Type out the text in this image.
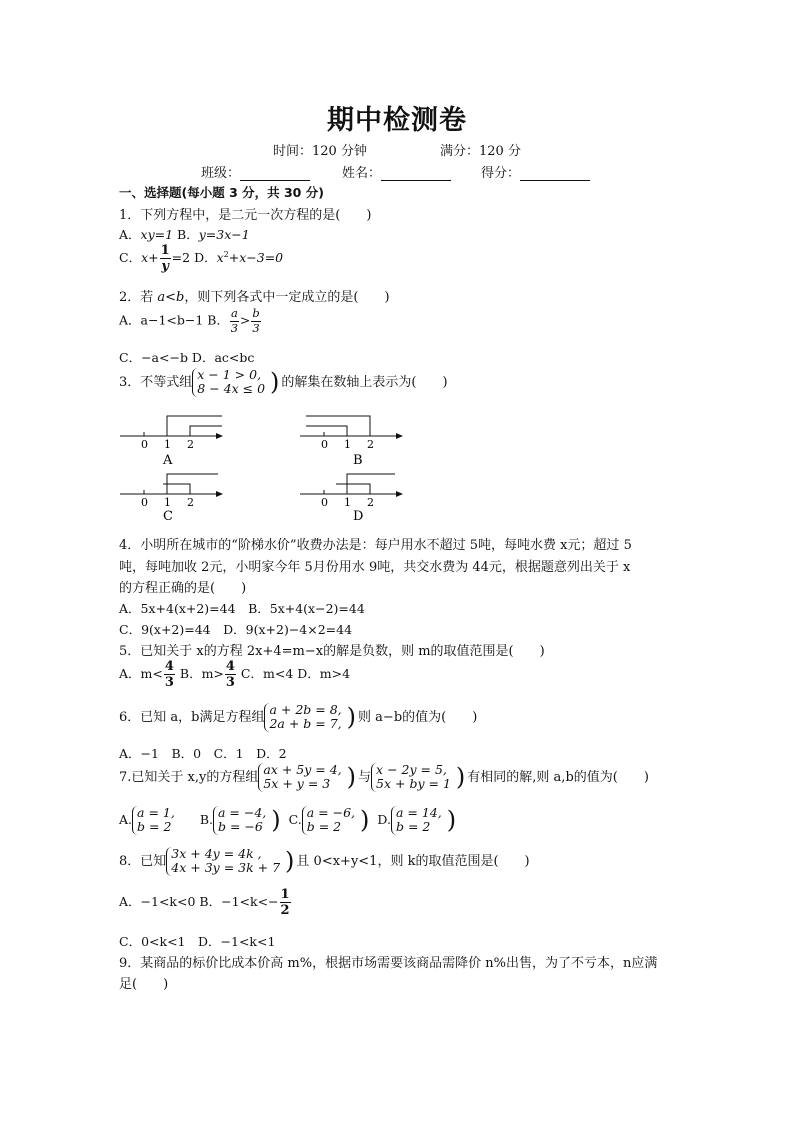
期中检测卷
时间：120 分钟	满分：120 分
班级：	姓名：	得分：
一、选择题(每小题 3 分，共 30 分)
1．下列方程中，是二元一次方程的是(　　)
A．xy=1 B．y=3x−1
C．$x+ \frac{1}{y} =2$ D．$x^2+x-3=0$
2．若 a<b，则下列各式中一定成立的是(　　)
A．a−1<b−1 B． $\frac{a}{3} > \frac{b}{3}$
C．−a<−b D．ac<bc
3．不等式组
x − 1 > 0,
8 − 4x ≤ 0 ) 的解集在数轴上表示为(　　)
0 1 2
A
0 1 2
B
0 1 2
C
0 1 2
D
4．小明所在城市的“阶梯水价”收费办法是：每户用水不超过 5吨，每吨水费 x元；超过 5
吨，每吨加收 2元，小明家今年 5月份用水 9吨，共交水费为 44元，根据题意列出关于 x
的方程正确的是(　　)
A．5x+4(x+2)=44　B．5x+4(x−2)=44
C．9(x+2)=44　D．9(x+2)−4×2=44
5．已知关于 x的方程 2x+4=m−x的解是负数，则 m的取值范围是(　　)
A．$m< \frac{4}{3}$ B．$m> \frac{4}{3}$ C．m<4 D．m>4
6．已知 a，b满足方程组
a + 2b = 8,
2a + b = 7, ) 则 a−b的值为(　　)
A．−1　B．0　C．1　D．2
7.已知关于 x,y的方程组
ax + 5y = 4,
5x + y = 3 ) 与
x − 2y = 5,
5x + by = 1 ) 有相同的解,则 a,b的值为(　　)
A. a = 1,
b = 2 B. a = −4,
b = −6 ) C. a = −6,
b = 2 ) D. a = 14,
b = 2 )
8．已知
3x + 4y = 4k ,
4x + 3y = 3k + 7 ) 且 0<x+y<1，则 k的取值范围是(　　)
A．−1<k<0 B．$-1<k<- \frac{1}{2}$
C．0<k<1　D．−1<k<1
9．某商品的标价比成本价高 m%，根据市场需要该商品需降价 n%出售，为了不亏本，n应满
足(　　)
